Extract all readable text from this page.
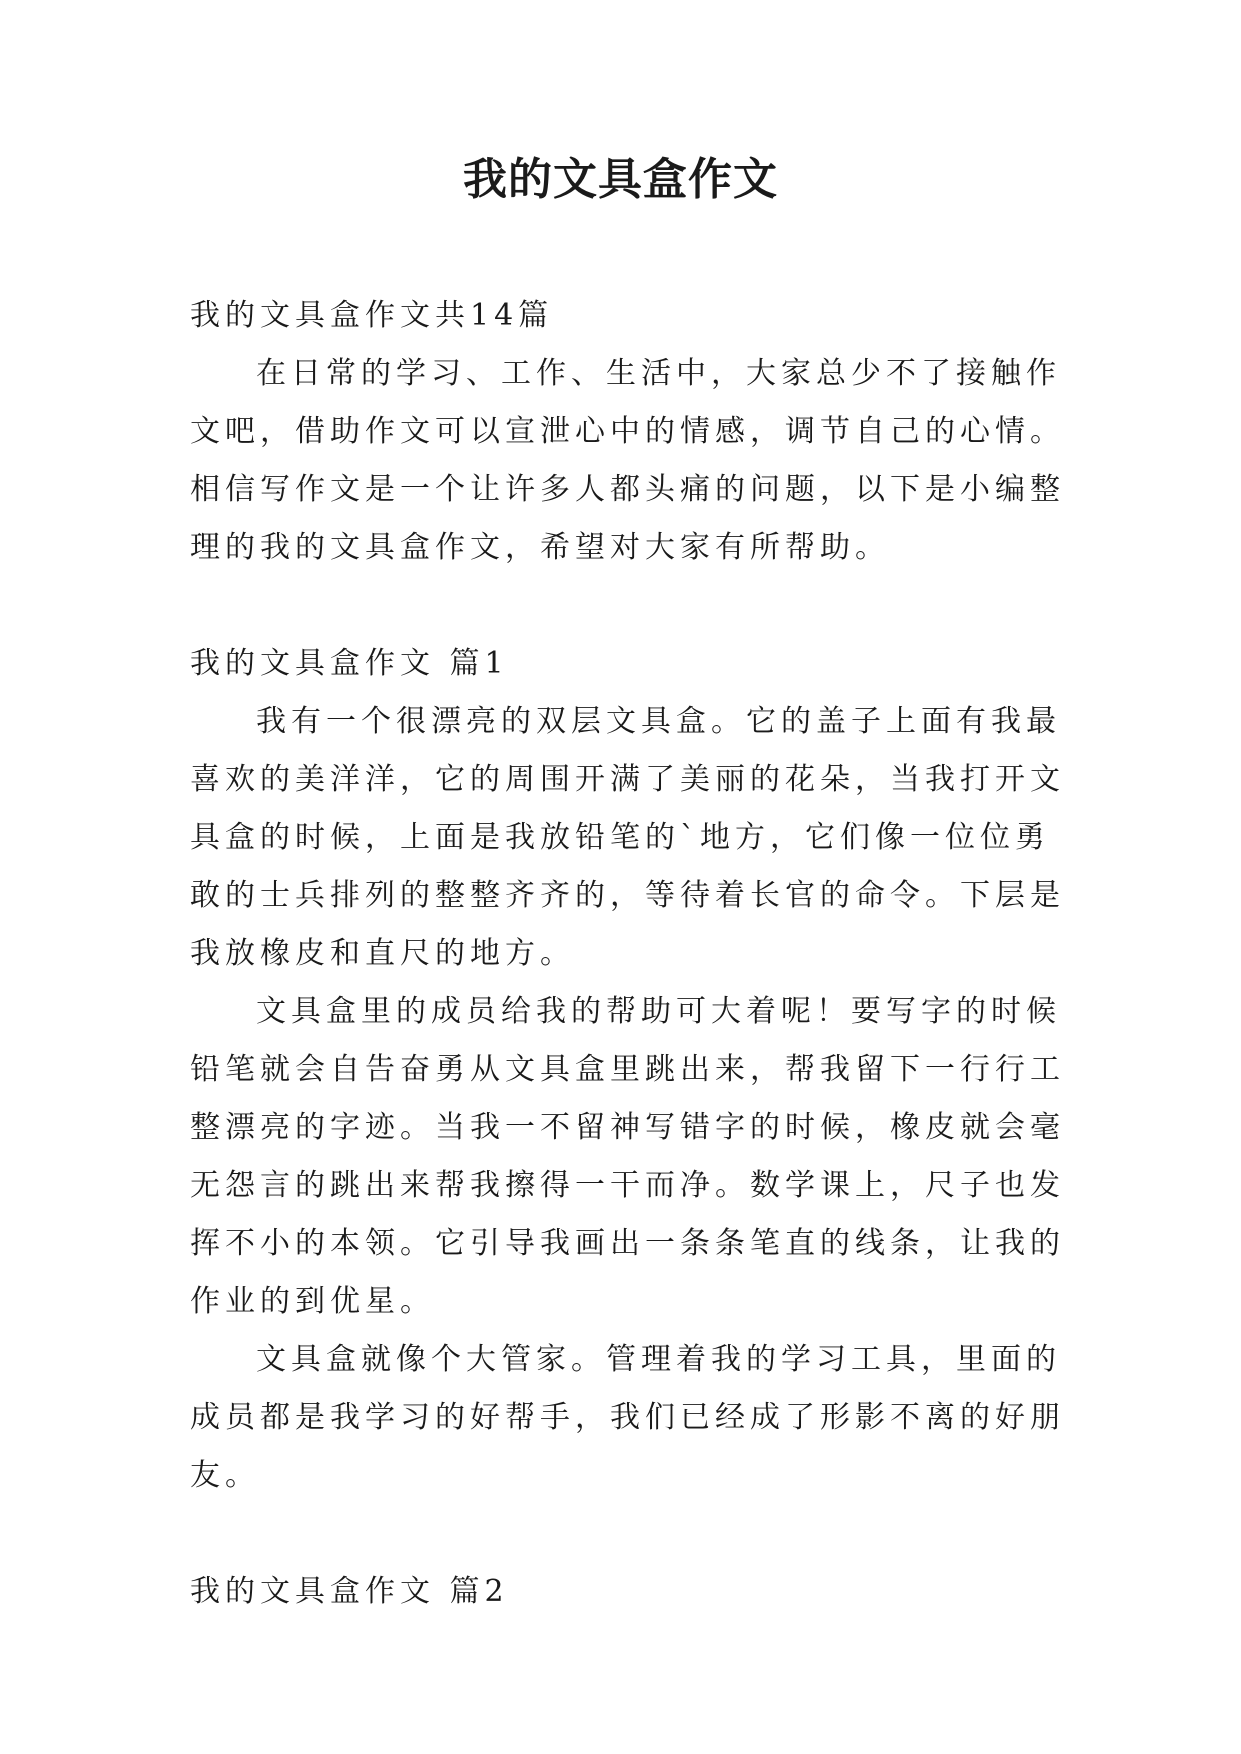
我的文具盒作文

我的文具盒作文共14篇

在日常的学习、工作、生活中，大家总少不了接触作文吧，借助作文可以宣泄心中的情感，调节自己的心情。相信写作文是一个让许多人都头痛的问题，以下是小编整理的我的文具盒作文，希望对大家有所帮助。

我的文具盒作文 篇1

我有一个很漂亮的双层文具盒。它的盖子上面有我最喜欢的美洋洋，它的周围开满了美丽的花朵，当我打开文具盒的时候，上面是我放铅笔的`地方，它们像一位位勇敢的士兵排列的整整齐齐的，等待着长官的命令。下层是我放橡皮和直尺的地方。

文具盒里的成员给我的帮助可大着呢！要写字的时候铅笔就会自告奋勇从文具盒里跳出来，帮我留下一行行工整漂亮的字迹。当我一不留神写错字的时候，橡皮就会毫无怨言的跳出来帮我擦得一干而净。数学课上，尺子也发挥不小的本领。它引导我画出一条条笔直的线条，让我的作业的到优星。

文具盒就像个大管家。管理着我的学习工具，里面的成员都是我学习的好帮手，我们已经成了形影不离的好朋友。

我的文具盒作文 篇2
